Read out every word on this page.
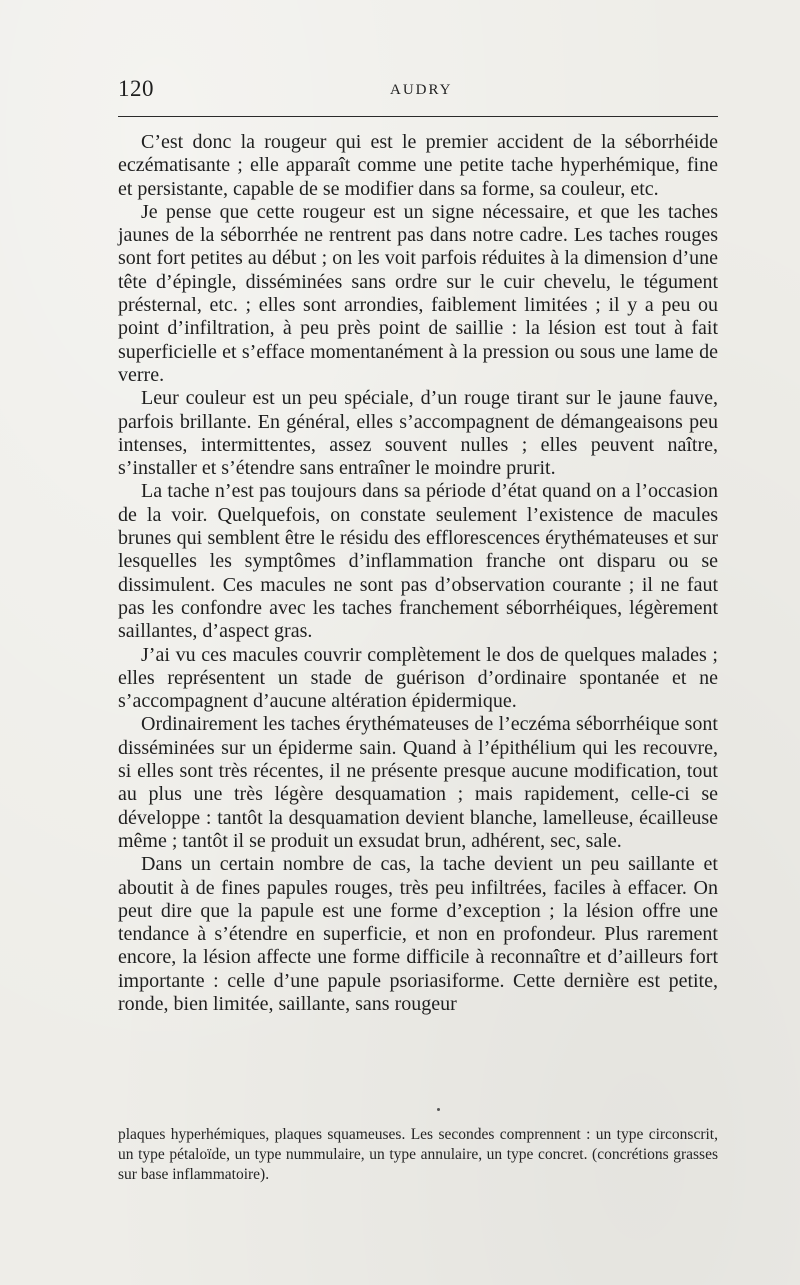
120	AUDRY

C’est donc la rougeur qui est le premier accident de la séborrhéide eczématisante ; elle apparaît comme une petite tache hyperhémique, fine et persistante, capable de se modifier dans sa forme, sa couleur, etc.

Je pense que cette rougeur est un signe nécessaire, et que les taches jaunes de la séborrhée ne rentrent pas dans notre cadre. Les taches rouges sont fort petites au début ; on les voit parfois réduites à la dimension d’une tête d’épingle, disséminées sans ordre sur le cuir chevelu, le tégument présternal, etc. ; elles sont arrondies, faiblement limitées ; il y a peu ou point d’infiltration, à peu près point de saillie : la lésion est tout à fait superficielle et s’efface momentanément à la pression ou sous une lame de verre.

Leur couleur est un peu spéciale, d’un rouge tirant sur le jaune fauve, parfois brillante. En général, elles s’accompagnent de démangeaisons peu intenses, intermittentes, assez souvent nulles ; elles peuvent naître, s’installer et s’étendre sans entraîner le moindre prurit.

La tache n’est pas toujours dans sa période d’état quand on a l’occasion de la voir. Quelquefois, on constate seulement l’existence de macules brunes qui semblent être le résidu des efflorescences érythémateuses et sur lesquelles les symptômes d’inflammation franche ont disparu ou se dissimulent. Ces macules ne sont pas d’observation courante ; il ne faut pas les confondre avec les taches franchement séborrhéiques, légèrement saillantes, d’aspect gras.

J’ai vu ces macules couvrir complètement le dos de quelques malades ; elles représentent un stade de guérison d’ordinaire spontanée et ne s’accompagnent d’aucune altération épidermique.

Ordinairement les taches érythémateuses de l’eczéma séborrhéique sont disséminées sur un épiderme sain. Quand à l’épithélium qui les recouvre, si elles sont très récentes, il ne présente presque aucune modification, tout au plus une très légère desquamation ; mais rapidement, celle-ci se développe : tantôt la desquamation devient blanche, lamelleuse, écailleuse même ; tantôt il se produit un exsudat brun, adhérent, sec, sale.

Dans un certain nombre de cas, la tache devient un peu saillante et aboutit à de fines papules rouges, très peu infiltrées, faciles à effacer. On peut dire que la papule est une forme d’exception ; la lésion offre une tendance à s’étendre en superficie, et non en profondeur. Plus rarement encore, la lésion affecte une forme difficile à reconnaître et d’ailleurs fort importante : celle d’une papule psoriasiforme. Cette dernière est petite, ronde, bien limitée, saillante, sans rougeur

plaques hyperhémiques, plaques squameuses. Les secondes comprennent : un type circonscrit, un type pétaloïde, un type nummulaire, un type annulaire, un type concret. (concrétions grasses sur base inflammatoire).
